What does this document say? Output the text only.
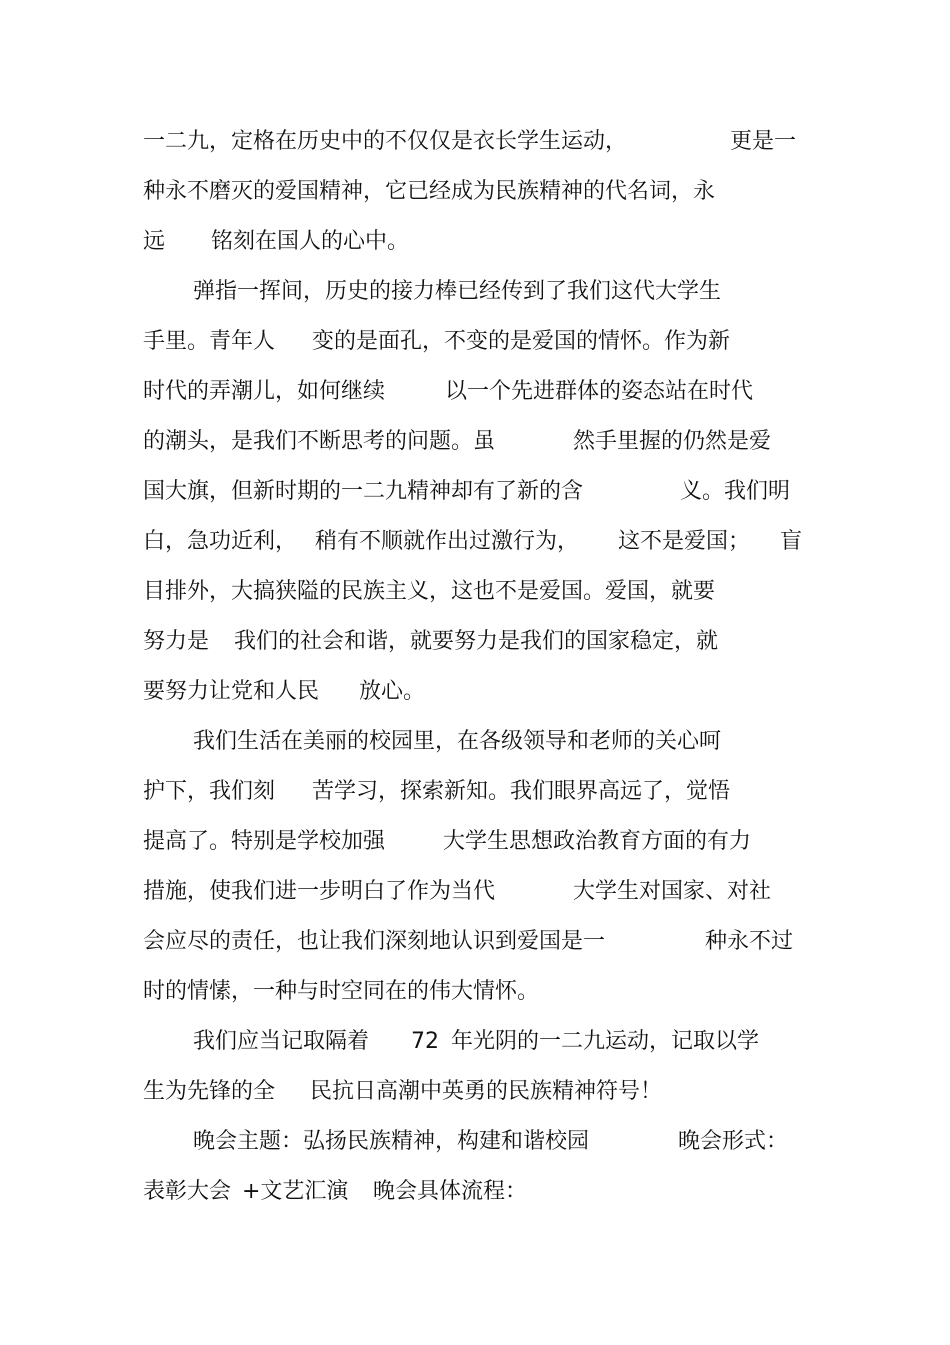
一二九，定格在历史中的不仅仅是衣长学生运动，	更是一
种永不磨灭的爱国精神，它已经成为民族精神的代名词，永
远 铭刻在国人的心中。
弹指一挥间，历史的接力棒已经传到了我们这代大学生
手里。青年人 变的是面孔，不变的是爱国的情怀。作为新
时代的弄潮儿，如何继续	以一个先进群体的姿态站在时代
的潮头，是我们不断思考的问题。虽	然手里握的仍然是爱
国大旗，但新时期的一二九精神却有了新的含	义。我们明
白，急功近利， 稍有不顺就作出过激行为， 这不是爱国； 盲
目排外，大搞狭隘的民族主义，这也不是爱国。爱国，就要
努力是 我们的社会和谐，就要努力是我们的国家稳定，就
要努力让党和人民 放心。
我们生活在美丽的校园里，在各级领导和老师的关心呵
护下，我们刻 苦学习，探索新知。我们眼界高远了，觉悟
提高了。特别是学校加强	大学生思想政治教育方面的有力
措施，使我们进一步明白了作为当代	大学生对国家、对社
会应尽的责任，也让我们深刻地认识到爱国是一	种永不过
时的情愫，一种与时空同在的伟大情怀。
我们应当记取隔着 72 年光阴的一二九运动，记取以学
生为先锋的全 民抗日高潮中英勇的民族精神符号！
晚会主题：弘扬民族精神，构建和谐校园	晚会形式：
表彰大会 +文艺汇演 晚会具体流程：
